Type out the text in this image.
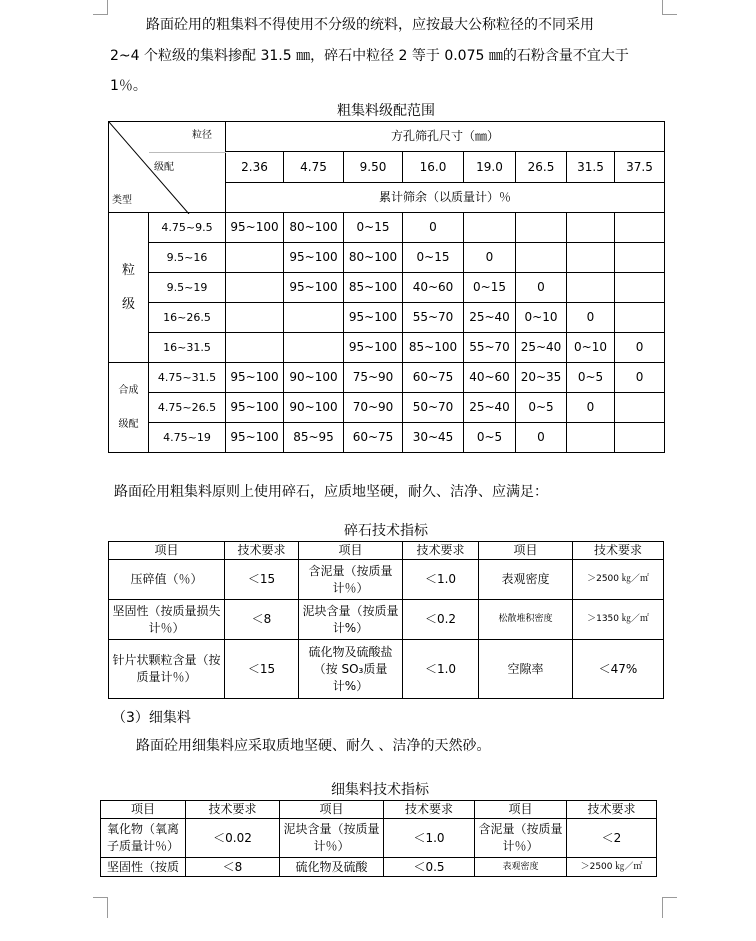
路面砼用的粗集料不得使用不分级的统料，应按最大公称粒径的不同采用
2~4 个粒级的集料掺配 31.5 ㎜，碎石中粒径 2 等于 0.075 ㎜的石粉含量不宜大于
1％。
粗集料级配范围
粒径
级配
类型		方孔筛孔尺寸（㎜）							
		2.36	4.75	9.50	16.0	19.0	26.5	31.5	37.5
		累计筛余（以质量计）％							
粒

级	4.75~9.5	95~100	80~100	0~15	0				
	9.5~16		95~100	80~100	0~15	0			
	9.5~19		95~100	85~100	40~60	0~15	0		
	16~26.5			95~100	55~70	25~40	0~10	0	
	16~31.5			95~100	85~100	55~70	25~40	0~10	0
合成

级配	4.75~31.5	95~100	90~100	75~90	60~75	40~60	20~35	0~5	0
	4.75~26.5	95~100	90~100	70~90	50~70	25~40	0~5	0	
	4.75~19	95~100	85~95	60~75	30~45	0~5	0		
路面砼用粗集料原则上使用碎石，应质地坚硬，耐久、洁净、应满足：
碎石技术指标
项目	技术要求	项目	技术要求	项目	技术要求
压碎值（％）	＜15	含泥量（按质量计％）	＜1.0	表观密度	＞2500 ㎏／㎡
坚固性（按质量损失计％）	＜8	泥块含量（按质量计%）	＜0.2	松散堆积密度	＞1350 ㎏／㎡
针片状颗粒含量（按质量计％）	＜15	硫化物及硫酸盐（按 SO₃质量计%）	＜1.0	空隙率	＜47%
（3）细集料
路面砼用细集料应采取质地坚硬、耐久 、洁净的天然砂。
细集料技术指标
项目	技术要求	项目	技术要求	项目	技术要求
氧化物（氧离子质量计％）	＜0.02	泥块含量（按质量计％）	＜1.0	含泥量（按质量计％）	＜2
坚固性（按质	＜8	硫化物及硫酸	＜0.5	表观密度	＞2500 ㎏／㎡
